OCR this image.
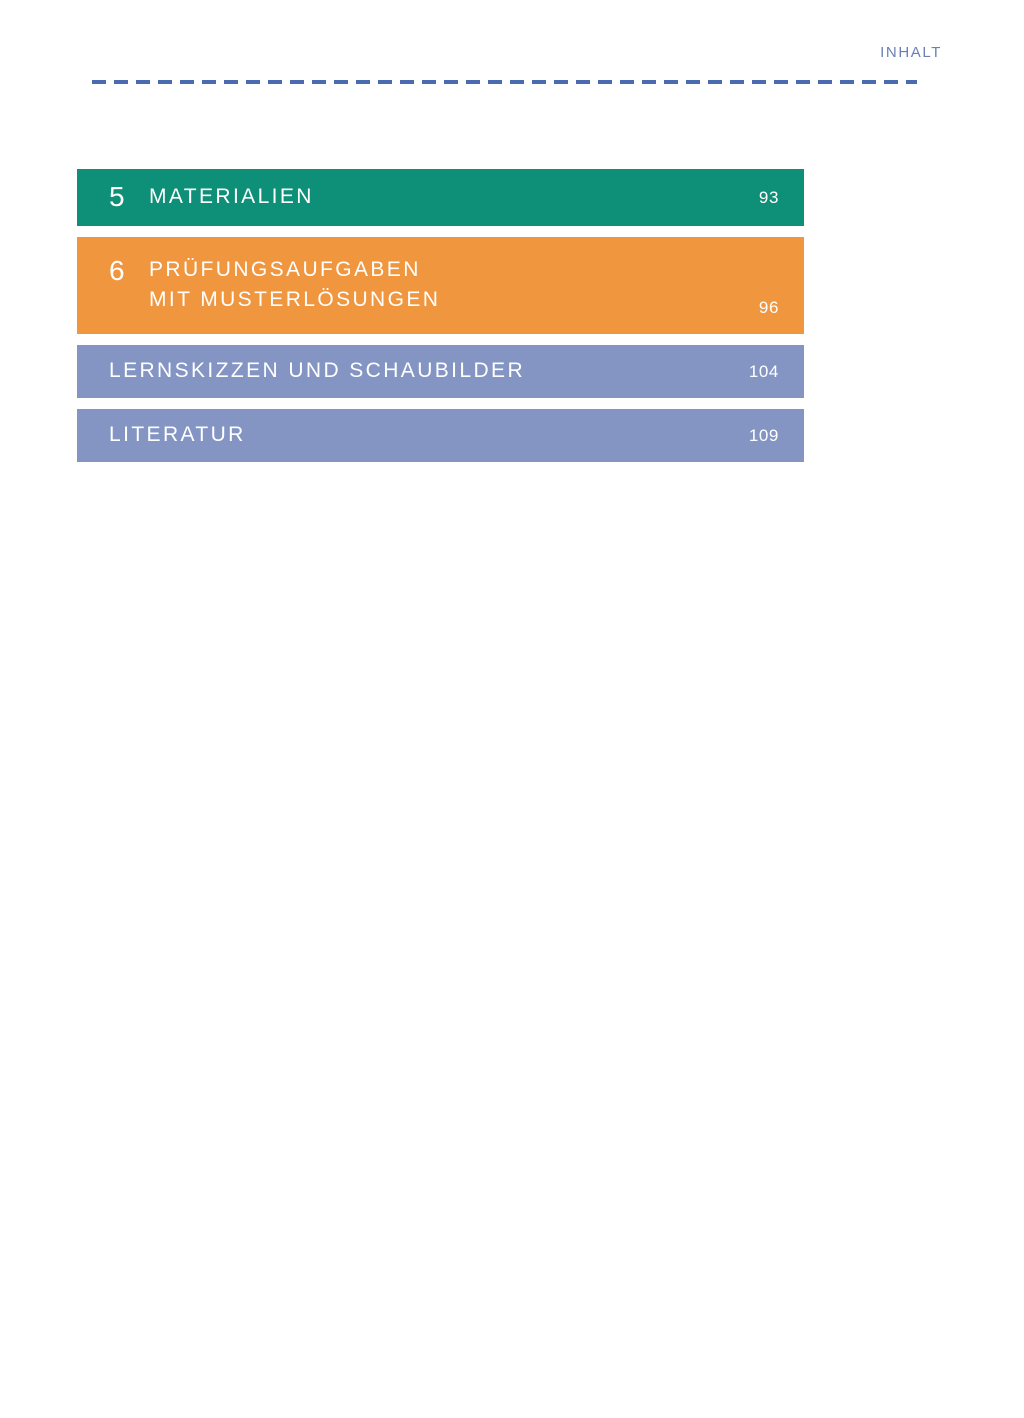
INHALT
5	MATERIALIEN	93
6	PRÜFUNGSAUFGABEN
MIT MUSTERLÖSUNGEN	96
LERNSKIZZEN UND SCHAUBILDER	104
LITERATUR	109
